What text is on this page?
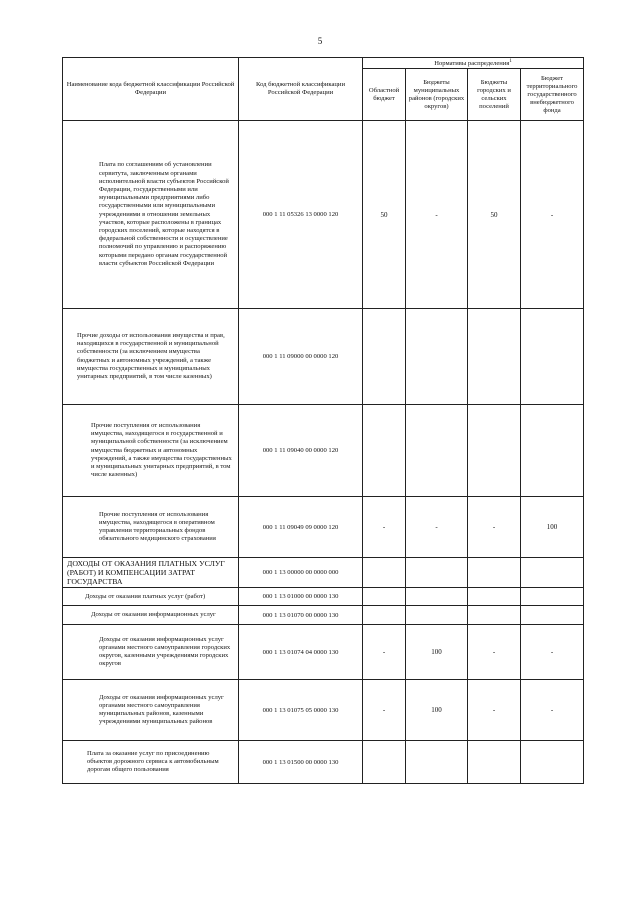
5
Наименование кода бюджетной классификации Российской Федерации	Код бюджетной классификации Российской Федерации	Нормативы распределения$^1$
		Областной бюджет	Бюджеты муниципальных районов (городских округов)	Бюджеты городских и сельских поселений	Бюджет территориального государственного внебюджетного фонда
Плата по соглашениям об установлении сервитута, заключенным органами исполнительной власти субъектов Российской Федерации, государственными или муниципальными предприятиями либо государственными или муниципальными учреждениями в отношении земельных участков, которые расположены в границах городских поселений, которые находятся в федеральной собственности и осуществление полномочий по управлению и распоряжению которыми передано органам государственной власти субъектов Российской Федерации	000 1 11 05326 13 0000 120	50	-	50	-
Прочие доходы от использования имущества и прав, находящихся в государственной и муниципальной собственности (за исключением имущества бюджетных и автономных учреждений, а также имущества государственных и муниципальных унитарных предприятий, в том числе казенных)	000 1 11 09000 00 0000 120				
Прочие поступления от использования имущества, находящегося в государственной и муниципальной собственности (за исключением имущества бюджетных и автономных учреждений, а также имущества государственных и муниципальных унитарных предприятий, в том числе казенных)	000 1 11 09040 00 0000 120				
Прочие поступления от использования имущества, находящегося в оперативном управлении территориальных фондов обязательного медицинского страхования	000 1 11 09049 09 0000 120	-	-	-	100
ДОХОДЫ ОТ ОКАЗАНИЯ ПЛАТНЫХ УСЛУГ (РАБОТ) И КОМПЕНСАЦИИ ЗАТРАТ ГОСУДАРСТВА	000 1 13 00000 00 0000 000				
Доходы от оказания платных услуг (работ)	000 1 13 01000 00 0000 130				
Доходы от оказания информационных услуг	000 1 13 01070 00 0000 130				
Доходы от оказания информационных услуг органами местного самоуправления городских округов, казенными учреждениями городских округов	000 1 13 01074 04 0000 130	-	100	-	-
Доходы от оказания информационных услуг органами местного самоуправления муниципальных районов, казенными учреждениями муниципальных районов	000 1 13 01075 05 0000 130	-	100	-	-
Плата за оказание услуг по присоединению объектов дорожного сервиса к автомобильным дорогам общего пользования	000 1 13 01500 00 0000 130				
